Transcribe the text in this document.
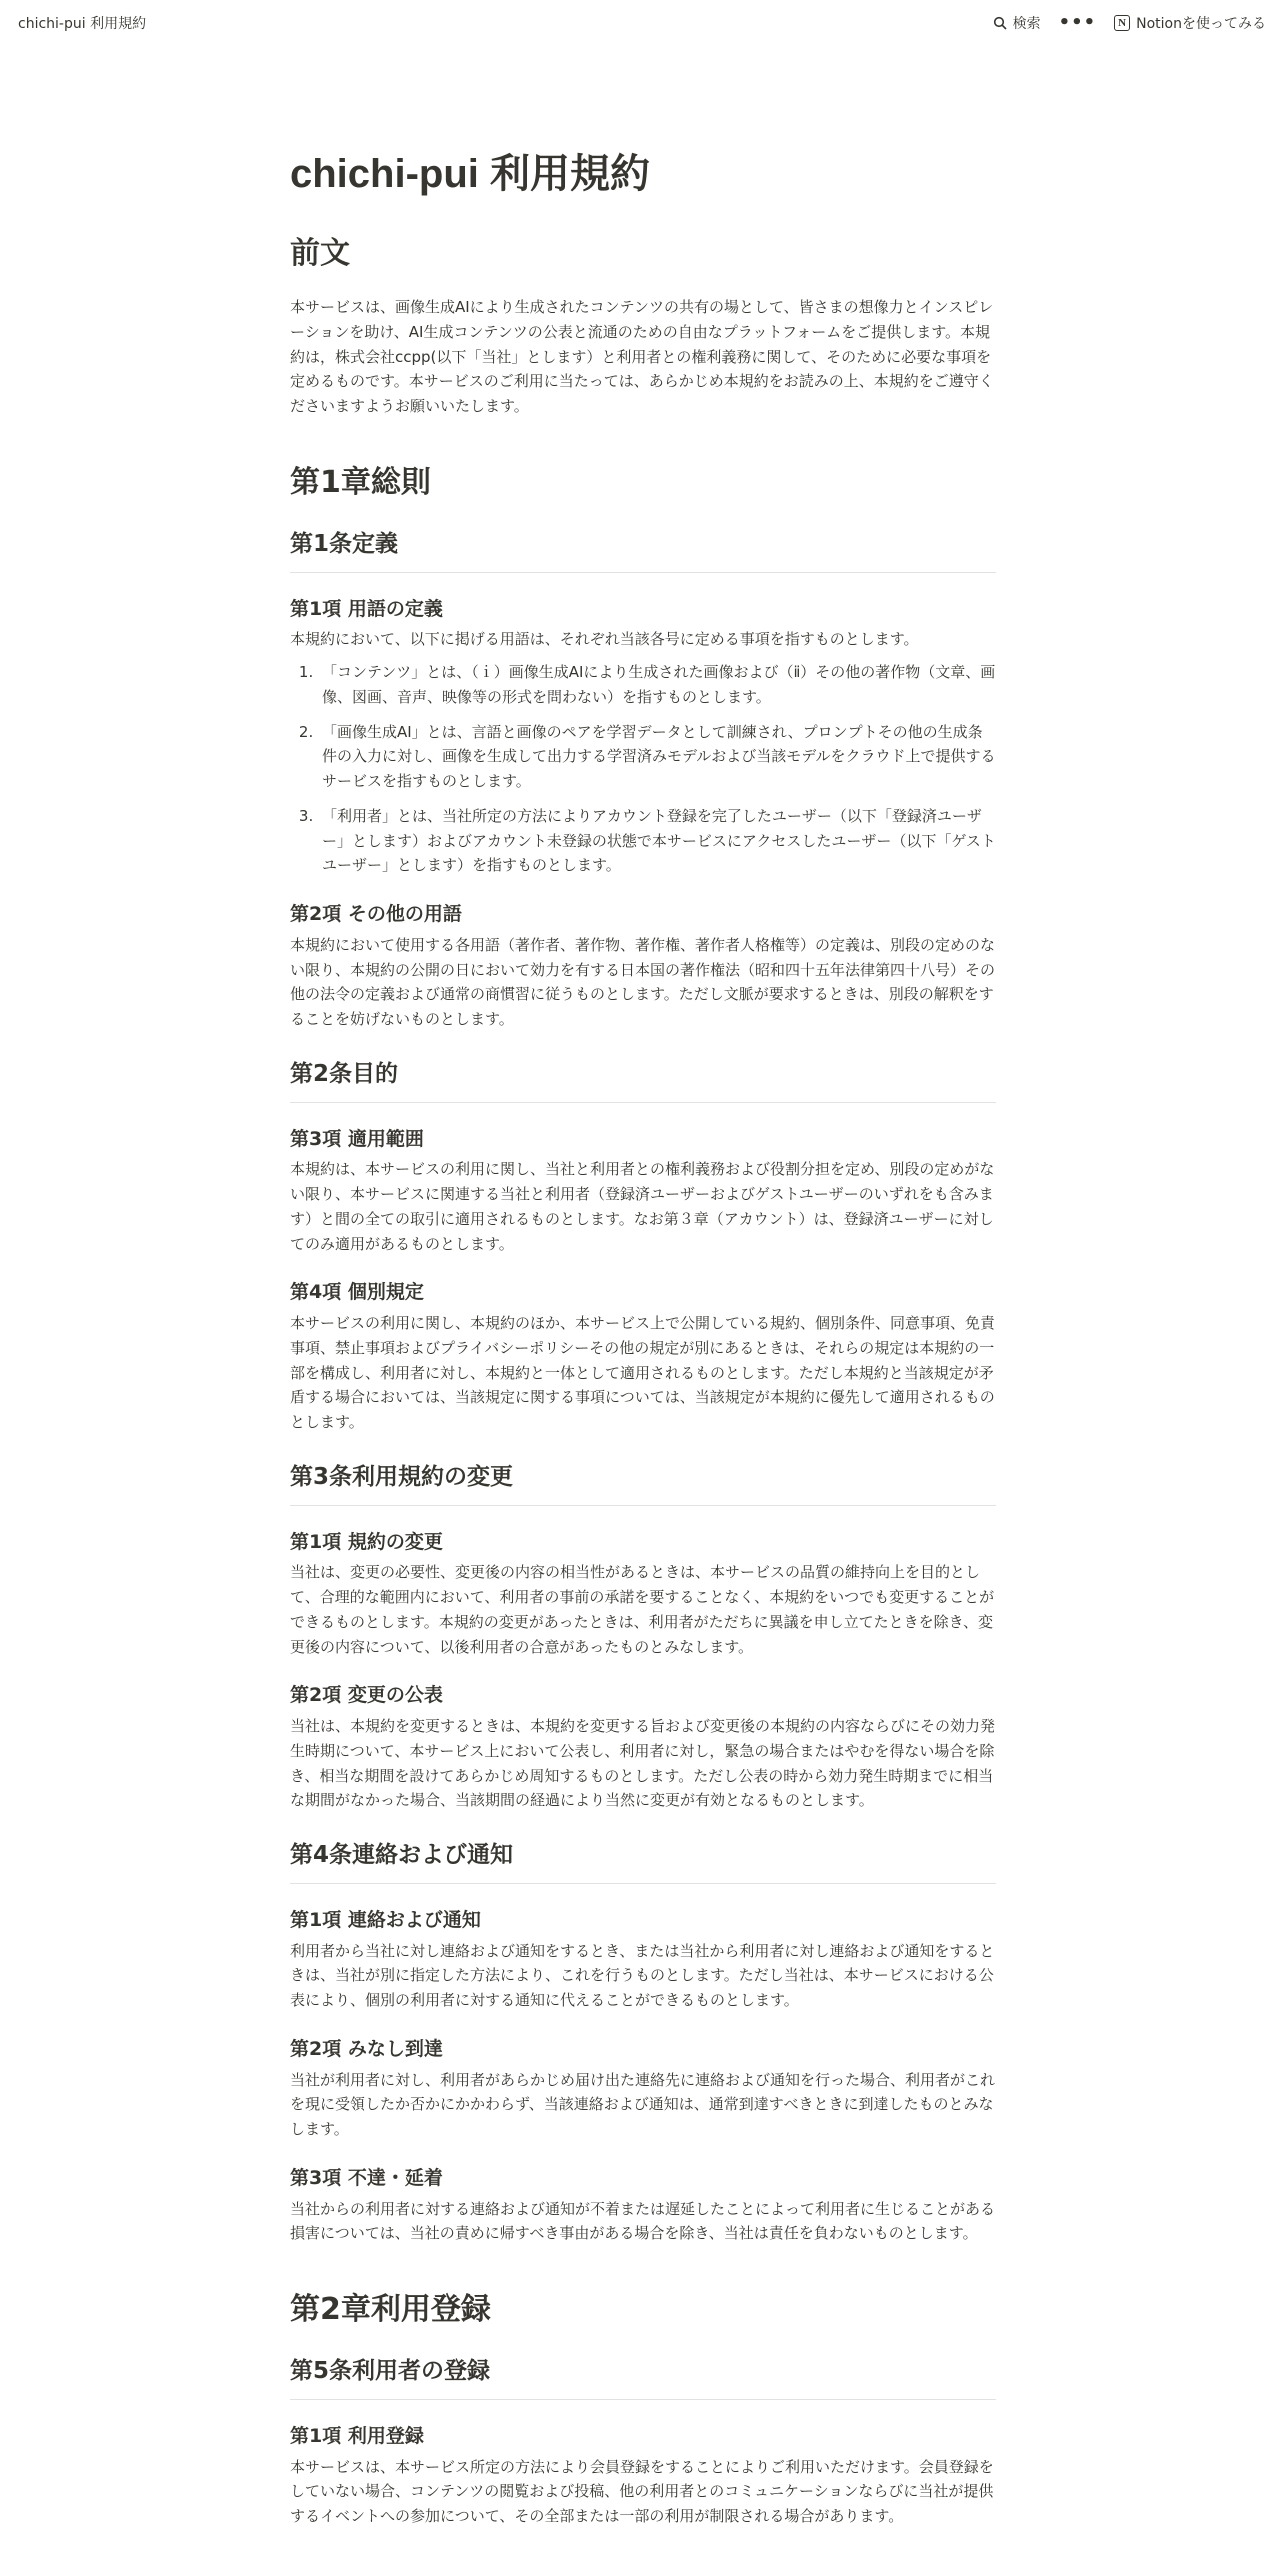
chichi-pui 利用規約	検索 •••	N Notionを使ってみる
chichi-pui 利用規約
前文

本サービスは、画像生成AIにより生成されたコンテンツの共有の場として、皆さまの想像力とインスピレーションを助け、AI生成コンテンツの公表と流通のための自由なプラットフォームをご提供します。本規約は，株式会社ccpp(以下「当社」とします）と利用者との権利義務に関して、そのために必要な事項を定めるものです。本サービスのご利用に当たっては、あらかじめ本規約をお読みの上、本規約をご遵守くださいますようお願いいたします。

第1章総則
第1条定義
第1項 用語の定義

本規約において、以下に掲げる用語は、それぞれ当該各号に定める事項を指すものとします。

1. 「コンテンツ」とは、（ｉ）画像生成AIにより生成された画像および（ⅱ）その他の著作物（文章、画像、図画、音声、映像等の形式を問わない）を指すものとします。
2. 「画像生成AI」とは、言語と画像のペアを学習データとして訓練され、プロンプトその他の生成条件の入力に対し、画像を生成して出力する学習済みモデルおよび当該モデルをクラウド上で提供するサービスを指すものとします。
3. 「利用者」とは、当社所定の方法によりアカウント登録を完了したユーザー（以下「登録済ユーザー」とします）およびアカウント未登録の状態で本サービスにアクセスしたユーザー（以下「ゲストユーザー」とします）を指すものとします。
第2項 その他の用語

本規約において使用する各用語（著作者、著作物、著作権、著作者人格権等）の定義は、別段の定めのない限り、本規約の公開の日において効力を有する日本国の著作権法（昭和四十五年法律第四十八号）その他の法令の定義および通常の商慣習に従うものとします。ただし文脈が要求するときは、別段の解釈をすることを妨げないものとします。

第2条目的
第3項 適用範囲

本規約は、本サービスの利用に関し、当社と利用者との権利義務および役割分担を定め、別段の定めがない限り、本サービスに関連する当社と利用者（登録済ユーザーおよびゲストユーザーのいずれをも含みます）と間の全ての取引に適用されるものとします。なお第３章（アカウント）は、登録済ユーザーに対してのみ適用があるものとします。

第4項 個別規定

本サービスの利用に関し、本規約のほか、本サービス上で公開している規約、個別条件、同意事項、免責事項、禁止事項およびプライバシーポリシーその他の規定が別にあるときは、それらの規定は本規約の一部を構成し、利用者に対し、本規約と一体として適用されるものとします。ただし本規約と当該規定が矛盾する場合においては、当該規定に関する事項については、当該規定が本規約に優先して適用されるものとします。

第3条利用規約の変更
第1項 規約の変更

当社は、変更の必要性、変更後の内容の相当性があるときは、本サービスの品質の維持向上を目的として、合理的な範囲内において、利用者の事前の承諾を要することなく、本規約をいつでも変更することができるものとします。本規約の変更があったときは、利用者がただちに異議を申し立てたときを除き、変更後の内容について、以後利用者の合意があったものとみなします。

第2項 変更の公表

当社は、本規約を変更するときは、本規約を変更する旨および変更後の本規約の内容ならびにその効力発生時期について、本サービス上において公表し、利用者に対し，緊急の場合またはやむを得ない場合を除き、相当な期間を設けてあらかじめ周知するものとします。ただし公表の時から効力発生時期までに相当な期間がなかった場合、当該期間の経過により当然に変更が有効となるものとします。

第4条連絡および通知
第1項 連絡および通知

利用者から当社に対し連絡および通知をするとき、または当社から利用者に対し連絡および通知をするときは、当社が別に指定した方法により、これを行うものとします。ただし当社は、本サービスにおける公表により、個別の利用者に対する通知に代えることができるものとします。

第2項 みなし到達

当社が利用者に対し、利用者があらかじめ届け出た連絡先に連絡および通知を行った場合、利用者がこれを現に受領したか否かにかかわらず、当該連絡および通知は、通常到達すべきときに到達したものとみなします。

第3項 不達・延着

当社からの利用者に対する連絡および通知が不着または遅延したことによって利用者に生じることがある損害については、当社の責めに帰すべき事由がある場合を除き、当社は責任を負わないものとします。

第2章利用登録
第5条利用者の登録
第1項 利用登録

本サービスは、本サービス所定の方法により会員登録をすることによりご利用いただけます。会員登録をしていない場合、コンテンツの閲覧および投稿、他の利用者とのコミュニケーションならびに当社が提供するイベントへの参加について、その全部または一部の利用が制限される場合があります。
